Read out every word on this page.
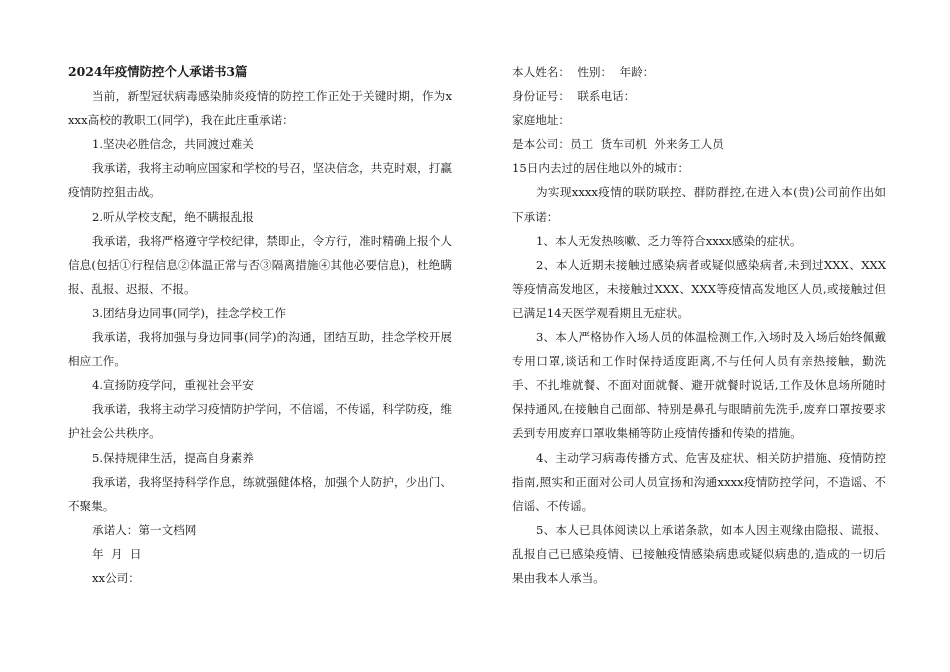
2024年疫情防控个人承诺书3篇

当前，新型冠状病毒感染肺炎疫情的防控工作正处于关键时期，作为xxxx高校的教职工(同学)，我在此庄重承诺：

1.坚决必胜信念，共同渡过难关

我承诺，我将主动响应国家和学校的号召，坚决信念，共克时艰，打赢疫情防控狙击战。

2.听从学校支配，绝不瞒报乱报

我承诺，我将严格遵守学校纪律，禁即止，令方行，准时精确上报个人信息(包括①行程信息②体温正常与否③隔离措施④其他必要信息)，杜绝瞒报、乱报、迟报、不报。

3.团结身边同事(同学)，挂念学校工作

我承诺，我将加强与身边同事(同学)的沟通，团结互助，挂念学校开展相应工作。

4.宣扬防疫学问，重视社会平安

我承诺，我将主动学习疫情防护学问，不信谣，不传谣，科学防疫，维护社会公共秩序。

5.保持规律生活，提高自身素养

我承诺，我将坚持科学作息，练就强健体格，加强个人防护，少出门、不聚集。

承诺人：第一文档网

年  月  日

xx公司：

本人姓名：  性别：  年龄：

身份证号：  联系电话：

家庭地址：

是本公司：员工  货车司机  外来务工人员

15日内去过的居住地以外的城市：

为实现xxxx疫情的联防联控、群防群控,在进入本(贵)公司前作出如下承诺：

1、本人无发热咳嗽、乏力等符合xxxx感染的症状。

2、本人近期未接触过感染病者或疑似感染病者,未到过XXX、XXX等疫情高发地区，未接触过XXX、XXX等疫情高发地区人员,或接触过但已满足14天医学观看期且无症状。

3、本人严格协作入场人员的体温检测工作,入场时及入场后始终佩戴专用口罩,谈话和工作时保持适度距离,不与任何人员有亲热接触，勤洗手、不扎堆就餐、不面对面就餐、避开就餐时说话,工作及休息场所随时保持通风,在接触自己面部、特别是鼻孔与眼睛前先洗手,废弃口罩按要求丢到专用废弃口罩收集桶等防止疫情传播和传染的措施。

4、主动学习病毒传播方式、危害及症状、相关防护措施、疫情防控指南,照实和正面对公司人员宣扬和沟通xxxx疫情防控学问，不造谣、不信谣、不传谣。

5、本人已具体阅读以上承诺条款，如本人因主观缘由隐报、谎报、乱报自己已感染疫情、已接触疫情感染病患或疑似病患的,造成的一切后果由我本人承当。
